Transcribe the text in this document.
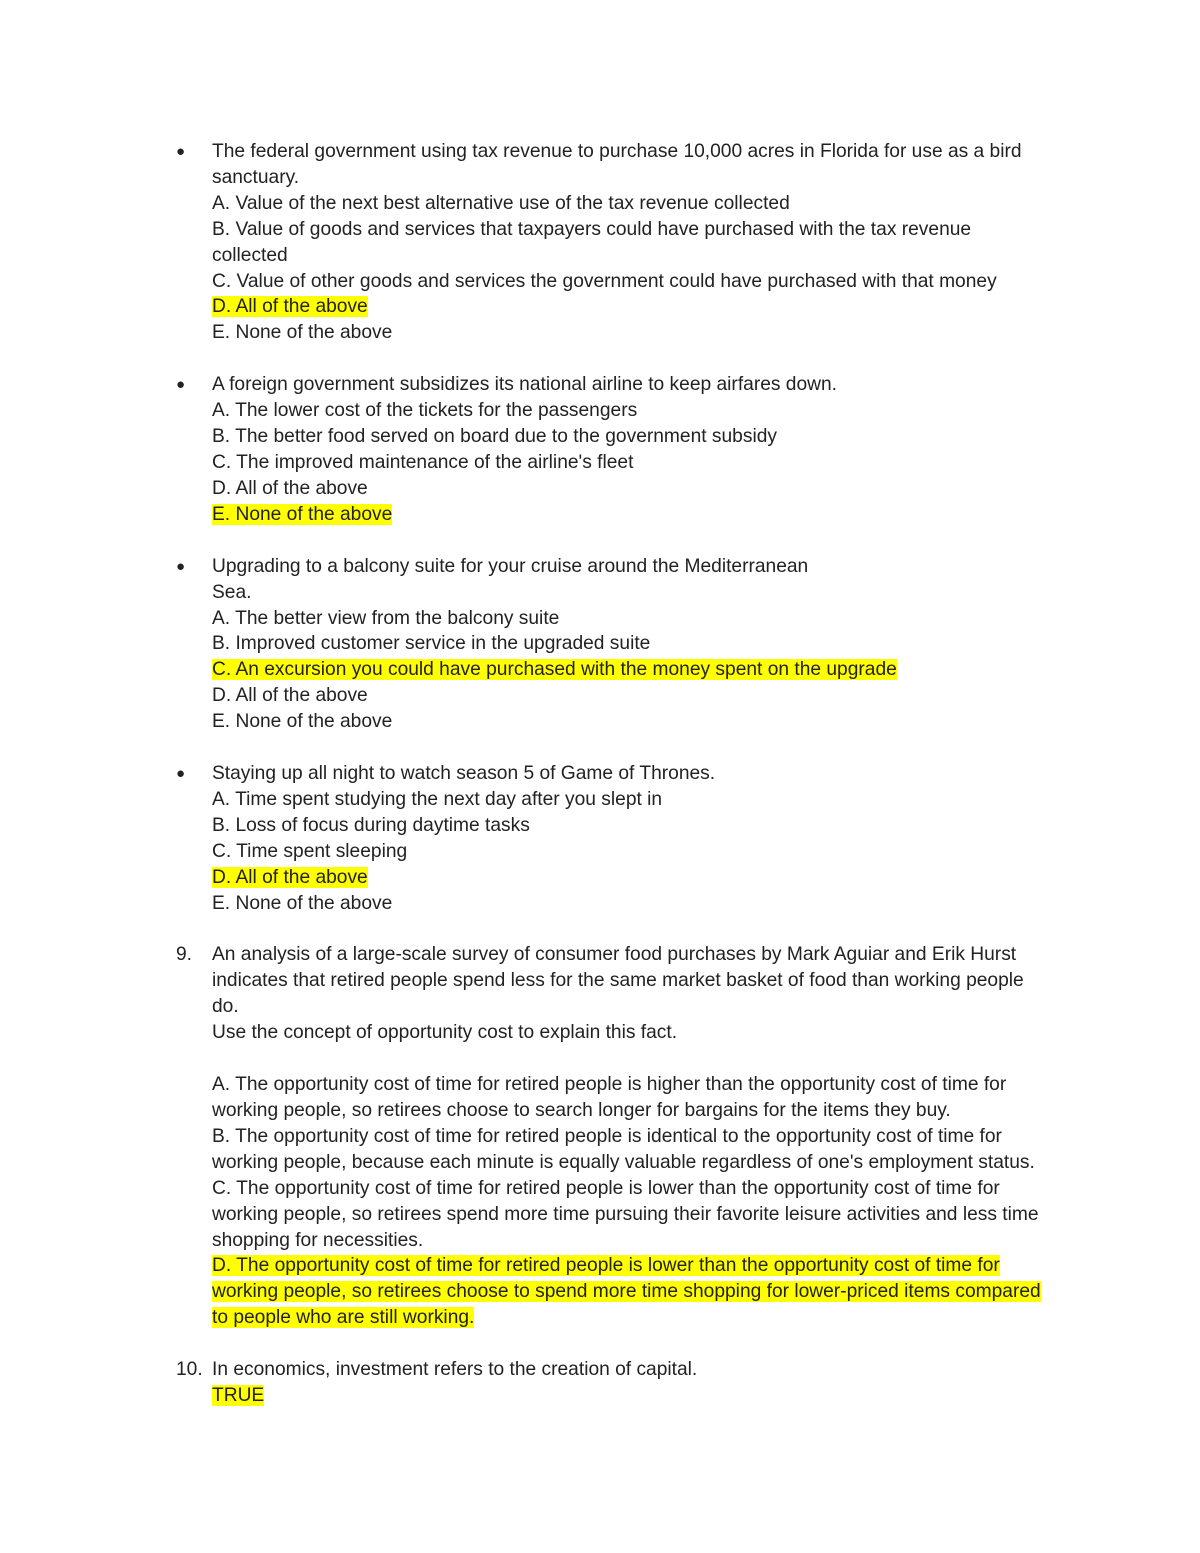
●	The federal government using tax revenue to purchase 10,000 acres in Florida for use as a bird
sanctuary.
A. Value of the next best alternative use of the tax revenue collected
B. Value of goods and services that taxpayers could have purchased with the tax revenue
collected
C. Value of other goods and services the government could have purchased with that money
D. All of the above
E. None of the above
●	A foreign government subsidizes its national airline to keep airfares down.
A. The lower cost of the tickets for the passengers
B. The better food served on board due to the government subsidy
C. The improved maintenance of the airline's fleet
D. All of the above
E. None of the above
●	Upgrading to a balcony suite for your cruise around the Mediterranean
Sea.
A. The better view from the balcony suite
B. Improved customer service in the upgraded suite
C. An excursion you could have purchased with the money spent on the upgrade
D. All of the above
E. None of the above
●	Staying up all night to watch season 5 of Game of Thrones.
A. Time spent studying the next day after you slept in
B. Loss of focus during daytime tasks
C. Time spent sleeping
D. All of the above
E. None of the above
9.	An analysis of a large-scale survey of consumer food purchases by Mark Aguiar and Erik Hurst
indicates that retired people spend less for the same market basket of food than working people
do.
Use the concept of opportunity cost to explain this fact.
A. The opportunity cost of time for retired people is higher than the opportunity cost of time for
working people, so retirees choose to search longer for bargains for the items they buy.
B. The opportunity cost of time for retired people is identical to the opportunity cost of time for
working people, because each minute is equally valuable regardless of one's employment status.
C. The opportunity cost of time for retired people is lower than the opportunity cost of time for
working people, so retirees spend more time pursuing their favorite leisure activities and less time
shopping for necessities.
D. The opportunity cost of time for retired people is lower than the opportunity cost of time for
working people, so retirees choose to spend more time shopping for lower-priced items compared
to people who are still working.
10. In economics, investment refers to the creation of capital.
TRUE
